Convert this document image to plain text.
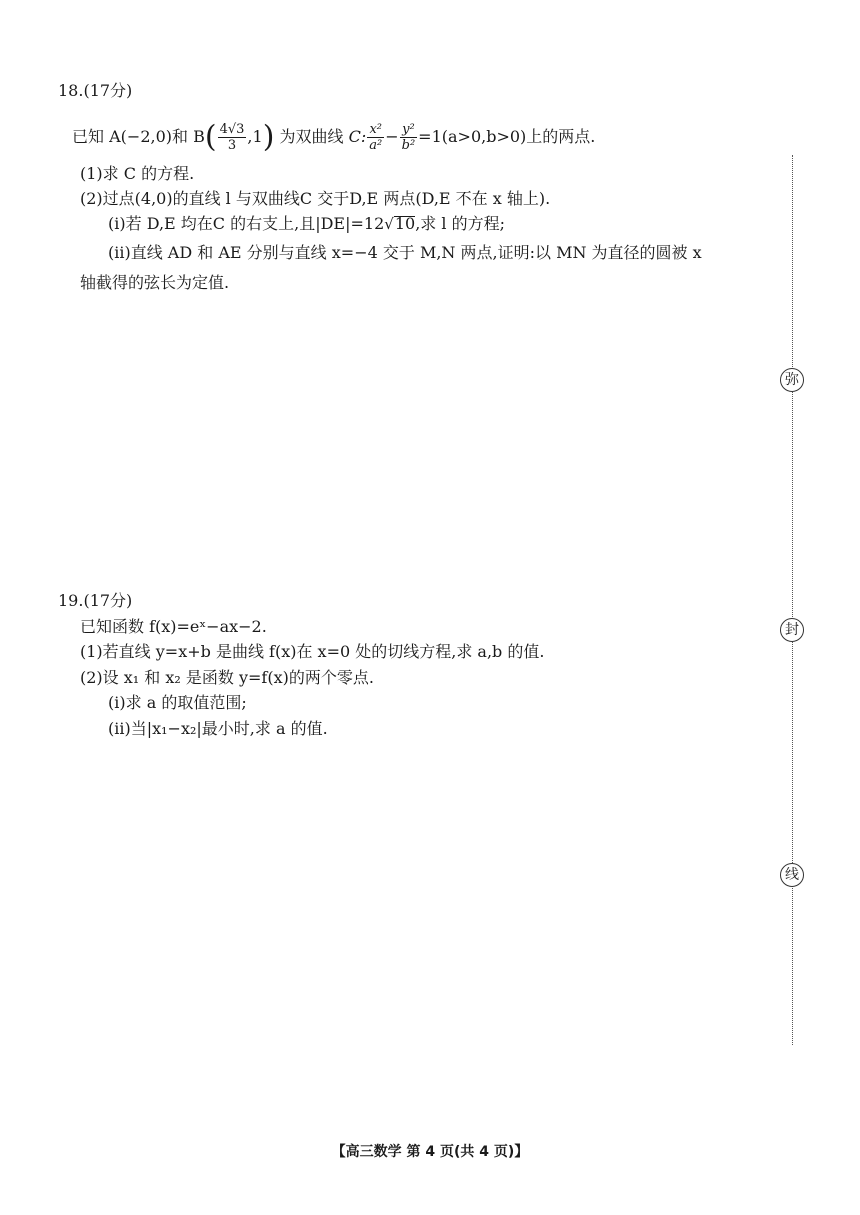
18.(17分)
已知 A(−2,0)和 $B( \frac{4√3}{3} ,1)$ 为双曲线 C: $\frac{\text{x²}}{\text{a²}} - \frac{\text{y²}}{\text{b²}} =1(a>0,b>0)$上的两点.
(1)求 C 的方程.
(2)过点(4,0)的直线 l 与双曲线C 交于D,E 两点(D,E 不在 x 轴上).
(ⅰ)若 D,E 均在C 的右支上,且|DE|=12√10,求 l 的方程;
(ⅱ)直线 AD 和 AE 分别与直线 x=−4 交于 M,N 两点,证明:以 MN 为直径的圆被 x
轴截得的弦长为定值.
19.(17分)
已知函数 f(x)=eˣ−ax−2.
(1)若直线 y=x+b 是曲线 f(x)在 x=0 处的切线方程,求 a,b 的值.
(2)设 x₁ 和 x₂ 是函数 y=f(x)的两个零点.
(ⅰ)求 a 的取值范围;
(ⅱ)当|x₁−x₂|最小时,求 a 的值.
弥
封
线
【高三数学 第 4 页(共 4 页)】
